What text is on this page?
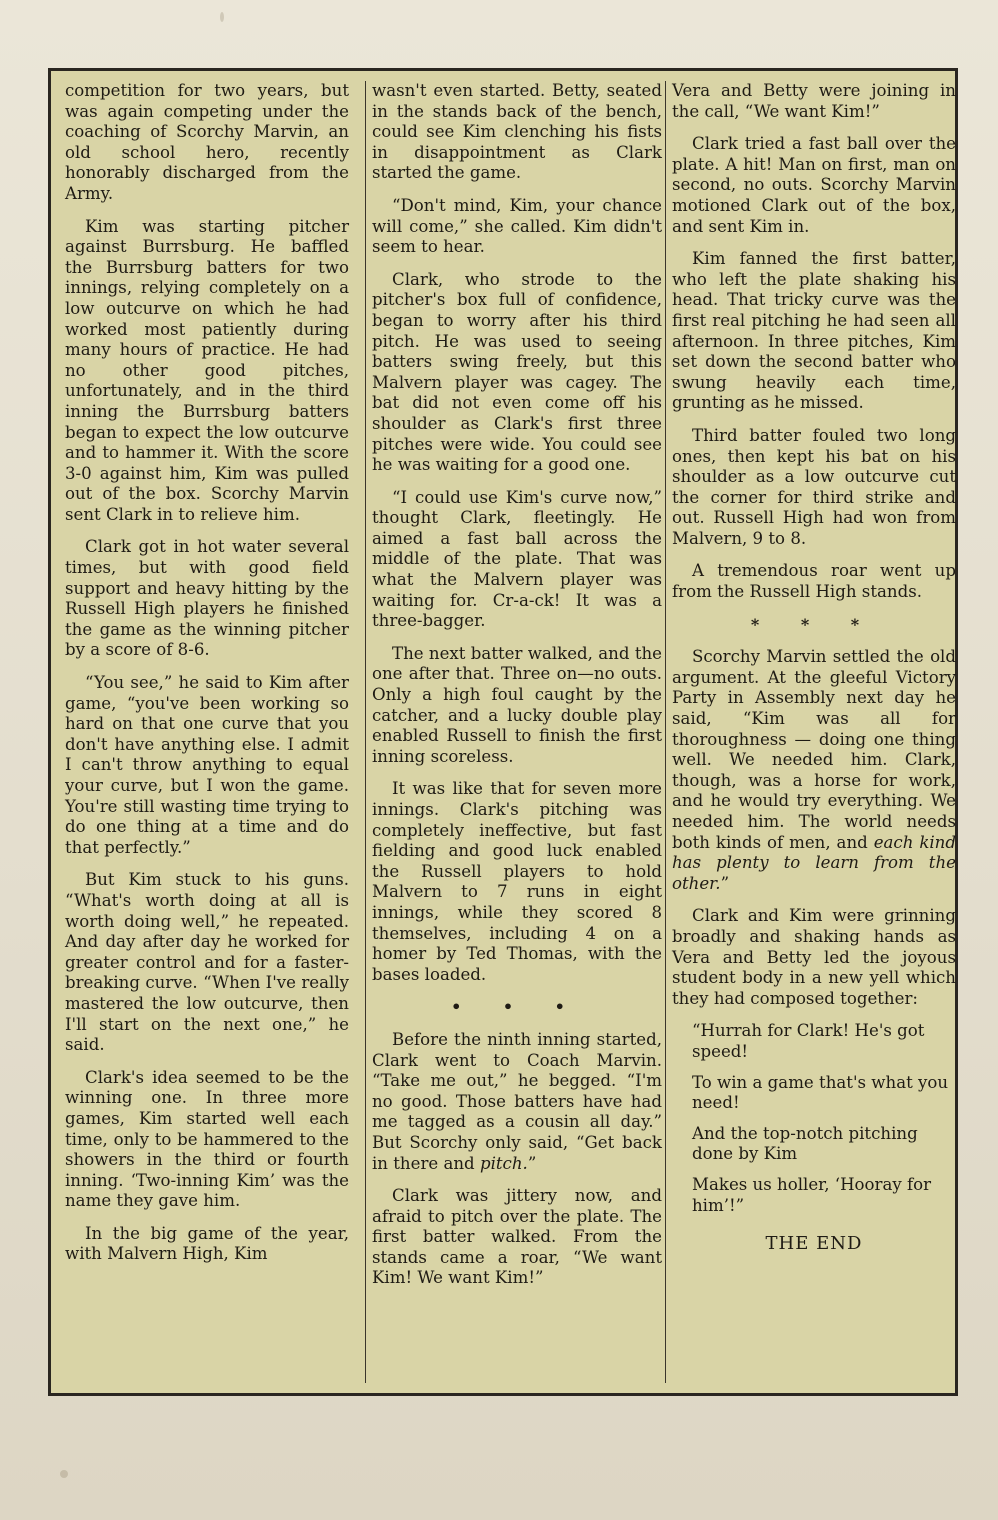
competition for two years, but was again competing under the coaching of Scorchy Marvin, an old school hero, recently honorably discharged from the Army.

Kim was starting pitcher against Burrsburg. He baffled the Burrsburg batters for two innings, relying completely on a low outcurve on which he had worked most patiently during many hours of practice. He had no other good pitches, unfortunately, and in the third inning the Burrsburg batters began to expect the low outcurve and to hammer it. With the score 3-0 against him, Kim was pulled out of the box. Scorchy Marvin sent Clark in to relieve him.

Clark got in hot water several times, but with good field support and heavy hitting by the Russell High players he finished the game as the winning pitcher by a score of 8-6.

“You see,” he said to Kim after game, “you've been working so hard on that one curve that you don't have anything else. I admit I can't throw anything to equal your curve, but I won the game. You're still wasting time trying to do one thing at a time and do that perfectly.”

But Kim stuck to his guns. “What's worth doing at all is worth doing well,” he repeated. And day after day he worked for greater control and for a faster-breaking curve. “When I've really mastered the low outcurve, then I'll start on the next one,” he said.

Clark's idea seemed to be the winning one. In three more games, Kim started well each time, only to be hammered to the showers in the third or fourth inning. ‘Two-inning Kim’ was the name they gave him.

In the big game of the year, with Malvern High, Kim

wasn't even started. Betty, seated in the stands back of the bench, could see Kim clenching his fists in disappointment as Clark started the game.

“Don't mind, Kim, your chance will come,” she called. Kim didn't seem to hear.

Clark, who strode to the pitcher's box full of confidence, began to worry after his third pitch. He was used to seeing batters swing freely, but this Malvern player was cagey. The bat did not even come off his shoulder as Clark's first three pitches were wide. You could see he was waiting for a good one.

“I could use Kim's curve now,” thought Clark, fleetingly. He aimed a fast ball across the middle of the plate. That was what the Malvern player was waiting for. Cr-a-ck! It was a three-bagger.

The next batter walked, and the one after that. Three on—no outs. Only a high foul caught by the catcher, and a lucky double play enabled Russell to finish the first inning scoreless.

It was like that for seven more innings. Clark's pitching was completely ineffective, but fast fielding and good luck enabled the Russell players to hold Malvern to 7 runs in eight innings, while they scored 8 themselves, including 4 on a homer by Ted Thomas, with the bases loaded.

• • •

Before the ninth inning started, Clark went to Coach Marvin. “Take me out,” he begged. “I'm no good. Those batters have had me tagged as a cousin all day.” But Scorchy only said, “Get back in there and pitch.”

Clark was jittery now, and afraid to pitch over the plate. The first batter walked. From the stands came a roar, “We want Kim! We want Kim!”

Vera and Betty were joining in the call, “We want Kim!”

Clark tried a fast ball over the plate. A hit! Man on first, man on second, no outs. Scorchy Marvin motioned Clark out of the box, and sent Kim in.

Kim fanned the first batter, who left the plate shaking his head. That tricky curve was the first real pitching he had seen all afternoon. In three pitches, Kim set down the second batter who swung heavily each time, grunting as he missed.

Third batter fouled two long ones, then kept his bat on his shoulder as a low outcurve cut the corner for third strike and out. Russell High had won from Malvern, 9 to 8.

A tremendous roar went up from the Russell High stands.

* * *

Scorchy Marvin settled the old argument. At the gleeful Victory Party in Assembly next day he said, “Kim was all for thoroughness — doing one thing well. We needed him. Clark, though, was a horse for work, and he would try everything. We needed him. The world needs both kinds of men, and each kind has plenty to learn from the other.”

Clark and Kim were grinning broadly and shaking hands as Vera and Betty led the joyous student body in a new yell which they had composed together:

“Hurrah for Clark! He's got speed!

To win a game that's what you need!

And the top-notch pitching done by Kim

Makes us holler, ‘Hooray for him’!”

THE END
